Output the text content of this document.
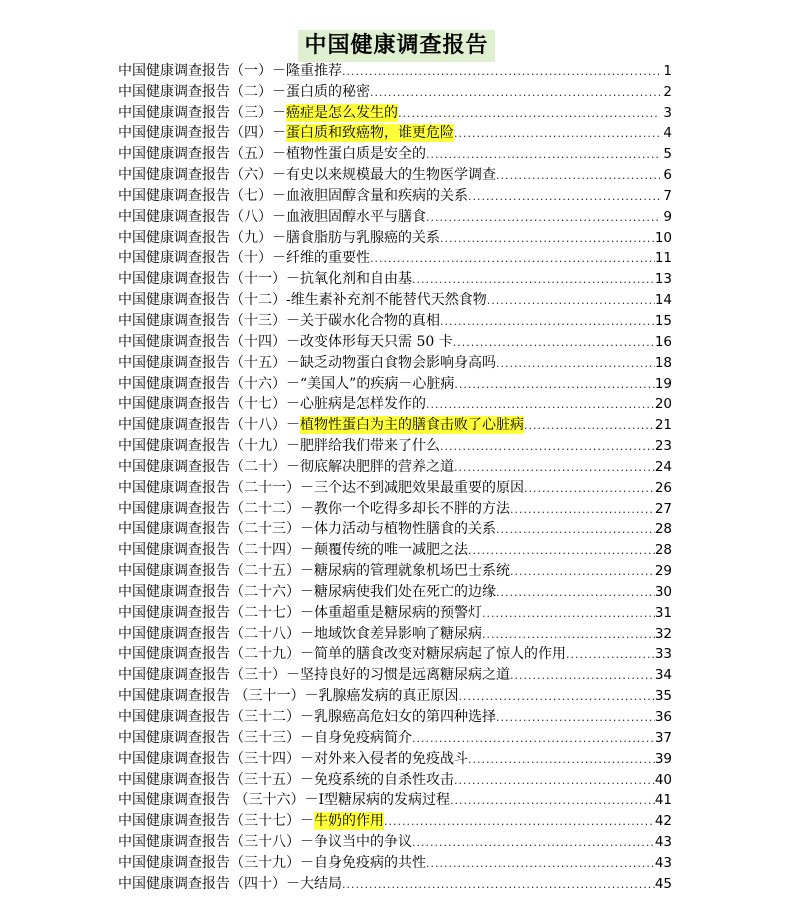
中国健康调查报告
中国健康调查报告（一）－ 隆重推荐 .....	1
中国健康调查报告（二）－ 蛋白质的秘密 .....	2
中国健康调查报告（三）－ 癌症是怎么发生的 .....	3
中国健康调查报告（四）－ 蛋白质和致癌物，谁更危险 .....	4
中国健康调查报告（五）－ 植物性蛋白质是安全的 .....	5
中国健康调查报告（六）－ 有史以来规模最大的生物医学调查 .....	6
中国健康调查报告（七）－ 血液胆固醇含量和疾病的关系 .....	7
中国健康调查报告（八）－ 血液胆固醇水平与膳食 .....	9
中国健康调查报告（九）－ 膳食脂肪与乳腺癌的关系 .....	10
中国健康调查报告（十）－ 纤维的重要性 .....	11
中国健康调查报告（十一）－ 抗氧化剂和自由基 .....	13
中国健康调查报告（十二）- 维生素补充剂不能替代天然食物 .....	14
中国健康调查报告（十三）－ 关于碳水化合物的真相 .....	15
中国健康调查报告（十四）－ 改变体形每天只需 50 卡 .....	16
中国健康调查报告（十五）－ 缺乏动物蛋白食物会影响身高吗 .....	18
中国健康调查报告（十六）－ “美国人”的疾病－心脏病 .....	19
中国健康调查报告（十七）－ 心脏病是怎样发作的 .....	20
中国健康调查报告（十八）－ 植物性蛋白为主的膳食击败了心脏病 .....	21
中国健康调查报告（十九）－ 肥胖给我们带来了什么 .....	23
中国健康调查报告（二十）－ 彻底解决肥胖的营养之道 .....	24
中国健康调查报告（二十一）－ 三个达不到减肥效果最重要的原因 .....	26
中国健康调查报告（二十二）－ 教你一个吃得多却长不胖的方法 .....	27
中国健康调查报告（二十三）－ 体力活动与植物性膳食的关系 .....	28
中国健康调查报告（二十四）－ 颠覆传统的唯一减肥之法 .....	28
中国健康调查报告（二十五）－ 糖尿病的管理就象机场巴士系统 .....	29
中国健康调查报告（二十六）－ 糖尿病使我们处在死亡的边缘 .....	30
中国健康调查报告（二十七）－ 体重超重是糖尿病的预警灯 .....	31
中国健康调查报告（二十八）－ 地域饮食差异影响了糖尿病 .....	32
中国健康调查报告（二十九）－ 简单的膳食改变对糖尿病起了惊人的作用 .....	33
中国健康调查报告（三十）－ 坚持良好的习惯是远离糖尿病之道 .....	34
中国健康调查报告 （三十一）－ 乳腺癌发病的真正原因 .....	35
中国健康调查报告（三十二）－ 乳腺癌高危妇女的第四种选择 .....	36
中国健康调查报告（三十三）－ 自身免疫病简介 .....	37
中国健康调查报告（三十四）－ 对外来入侵者的免疫战斗 .....	39
中国健康调查报告（三十五）－ 免疫系统的自杀性攻击 .....	40
中国健康调查报告 （三十六）－ Ⅰ型糖尿病的发病过程 .....	41
中国健康调查报告（三十七）－ 牛奶的作用 .....	42
中国健康调查报告（三十八）－ 争议当中的争议 .....	43
中国健康调查报告（三十九）－ 自身免疫病的共性 .....	43
中国健康调查报告（四十）－ 大结局 .....	45
